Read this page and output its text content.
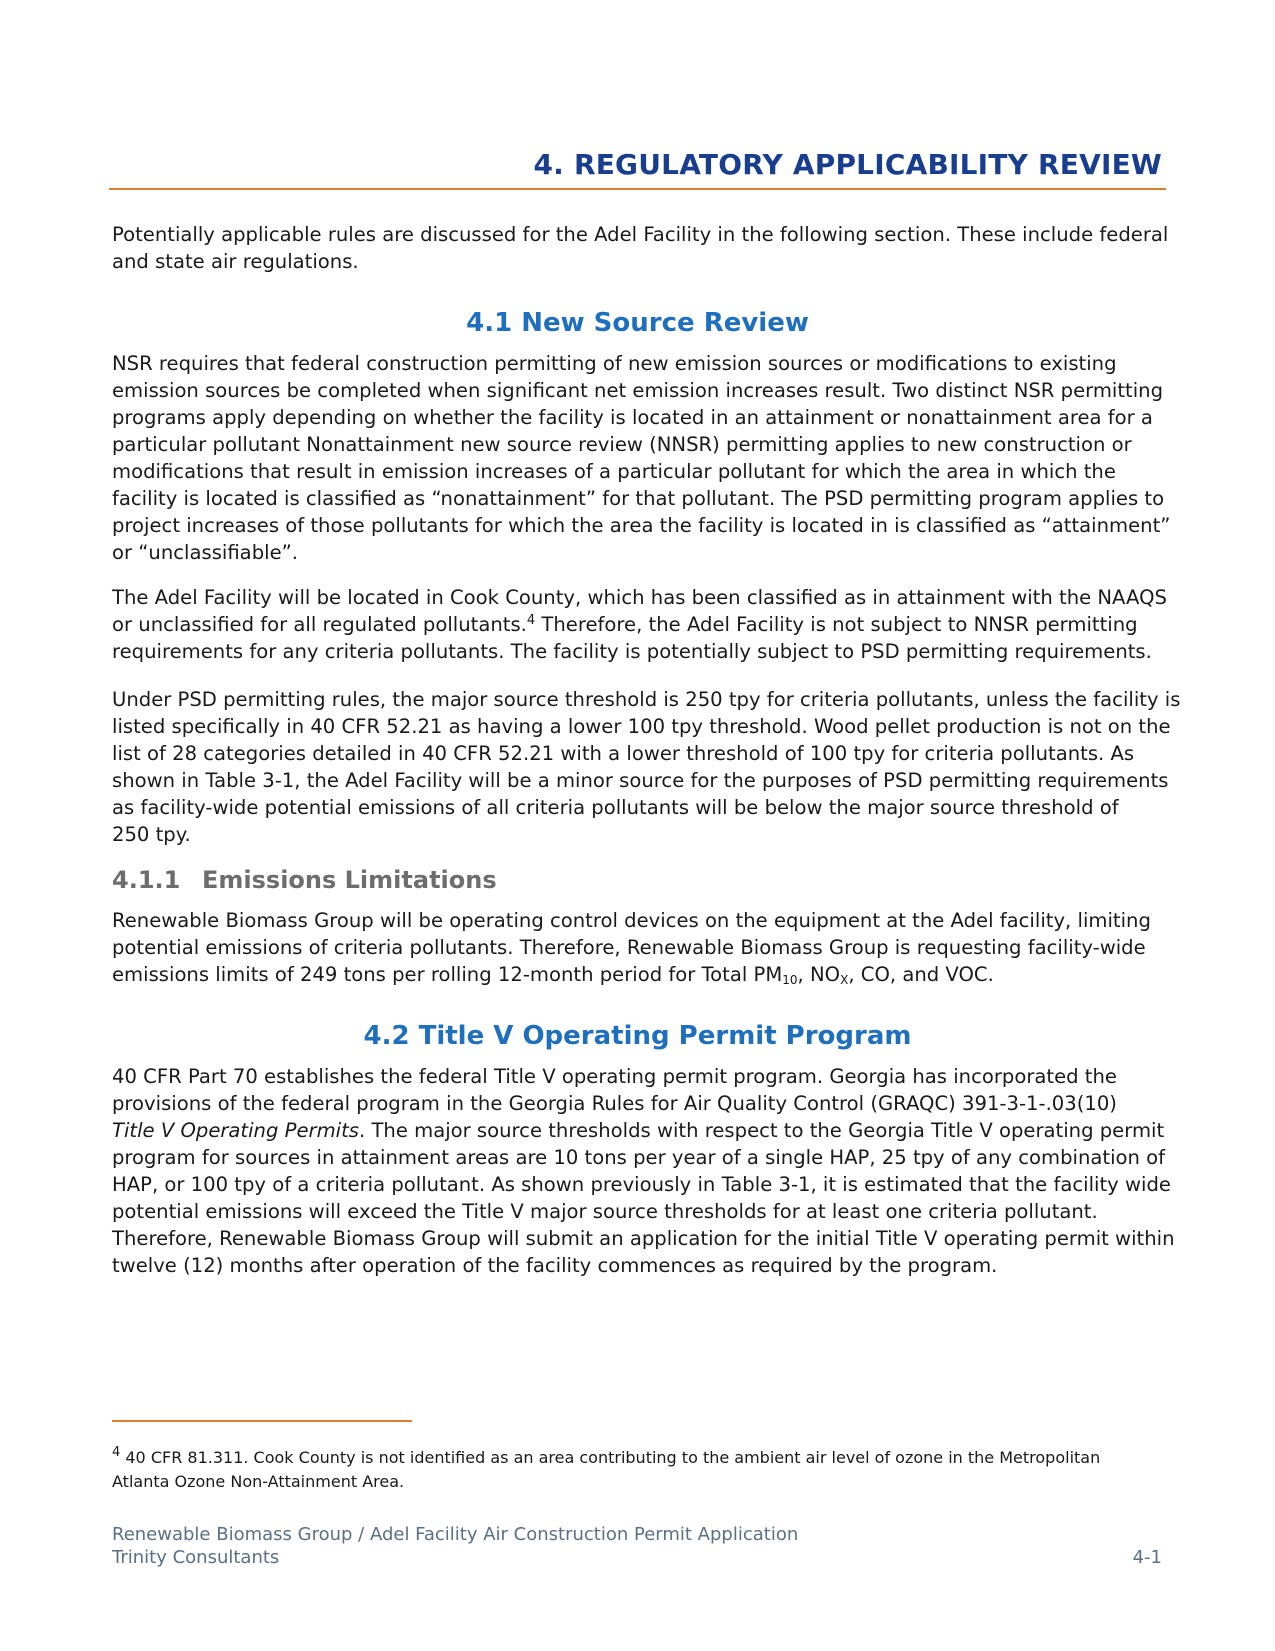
4. REGULATORY APPLICABILITY REVIEW

Potentially applicable rules are discussed for the Adel Facility in the following section. These include federal
and state air regulations.

4.1 New Source Review

NSR requires that federal construction permitting of new emission sources or modifications to existing
emission sources be completed when significant net emission increases result. Two distinct NSR permitting
programs apply depending on whether the facility is located in an attainment or nonattainment area for a
particular pollutant Nonattainment new source review (NNSR) permitting applies to new construction or
modifications that result in emission increases of a particular pollutant for which the area in which the
facility is located is classified as “nonattainment” for that pollutant. The PSD permitting program applies to
project increases of those pollutants for which the area the facility is located in is classified as “attainment”
or “unclassifiable”.

The Adel Facility will be located in Cook County, which has been classified as in attainment with the NAAQS
or unclassified for all regulated pollutants.$^4$ Therefore, the Adel Facility is not subject to NNSR permitting
requirements for any criteria pollutants. The facility is potentially subject to PSD permitting requirements.

Under PSD permitting rules, the major source threshold is 250 tpy for criteria pollutants, unless the facility is
listed specifically in 40 CFR 52.21 as having a lower 100 tpy threshold. Wood pellet production is not on the
list of 28 categories detailed in 40 CFR 52.21 with a lower threshold of 100 tpy for criteria pollutants. As
shown in Table 3-1, the Adel Facility will be a minor source for the purposes of PSD permitting requirements
as facility-wide potential emissions of all criteria pollutants will be below the major source threshold of
250 tpy.

4.1.1 Emissions Limitations

Renewable Biomass Group will be operating control devices on the equipment at the Adel facility, limiting
potential emissions of criteria pollutants. Therefore, Renewable Biomass Group is requesting facility-wide
emissions limits of 249 tons per rolling 12-month period for Total $PM_{10}$, $NO_X$, CO, and VOC.

4.2 Title V Operating Permit Program

40 CFR Part 70 establishes the federal Title V operating permit program. Georgia has incorporated the
provisions of the federal program in the Georgia Rules for Air Quality Control (GRAQC) 391-3-1-.03(10)
Title V Operating Permits. The major source thresholds with respect to the Georgia Title V operating permit
program for sources in attainment areas are 10 tons per year of a single HAP, 25 tpy of any combination of
HAP, or 100 tpy of a criteria pollutant. As shown previously in Table 3-1, it is estimated that the facility wide
potential emissions will exceed the Title V major source thresholds for at least one criteria pollutant.
Therefore, Renewable Biomass Group will submit an application for the initial Title V operating permit within
twelve (12) months after operation of the facility commences as required by the program.

$^4$ 40 CFR 81.311. Cook County is not identified as an area contributing to the ambient air level of ozone in the Metropolitan
Atlanta Ozone Non-Attainment Area.

Renewable Biomass Group / Adel Facility Air Construction Permit Application
Trinity Consultants	4-1
